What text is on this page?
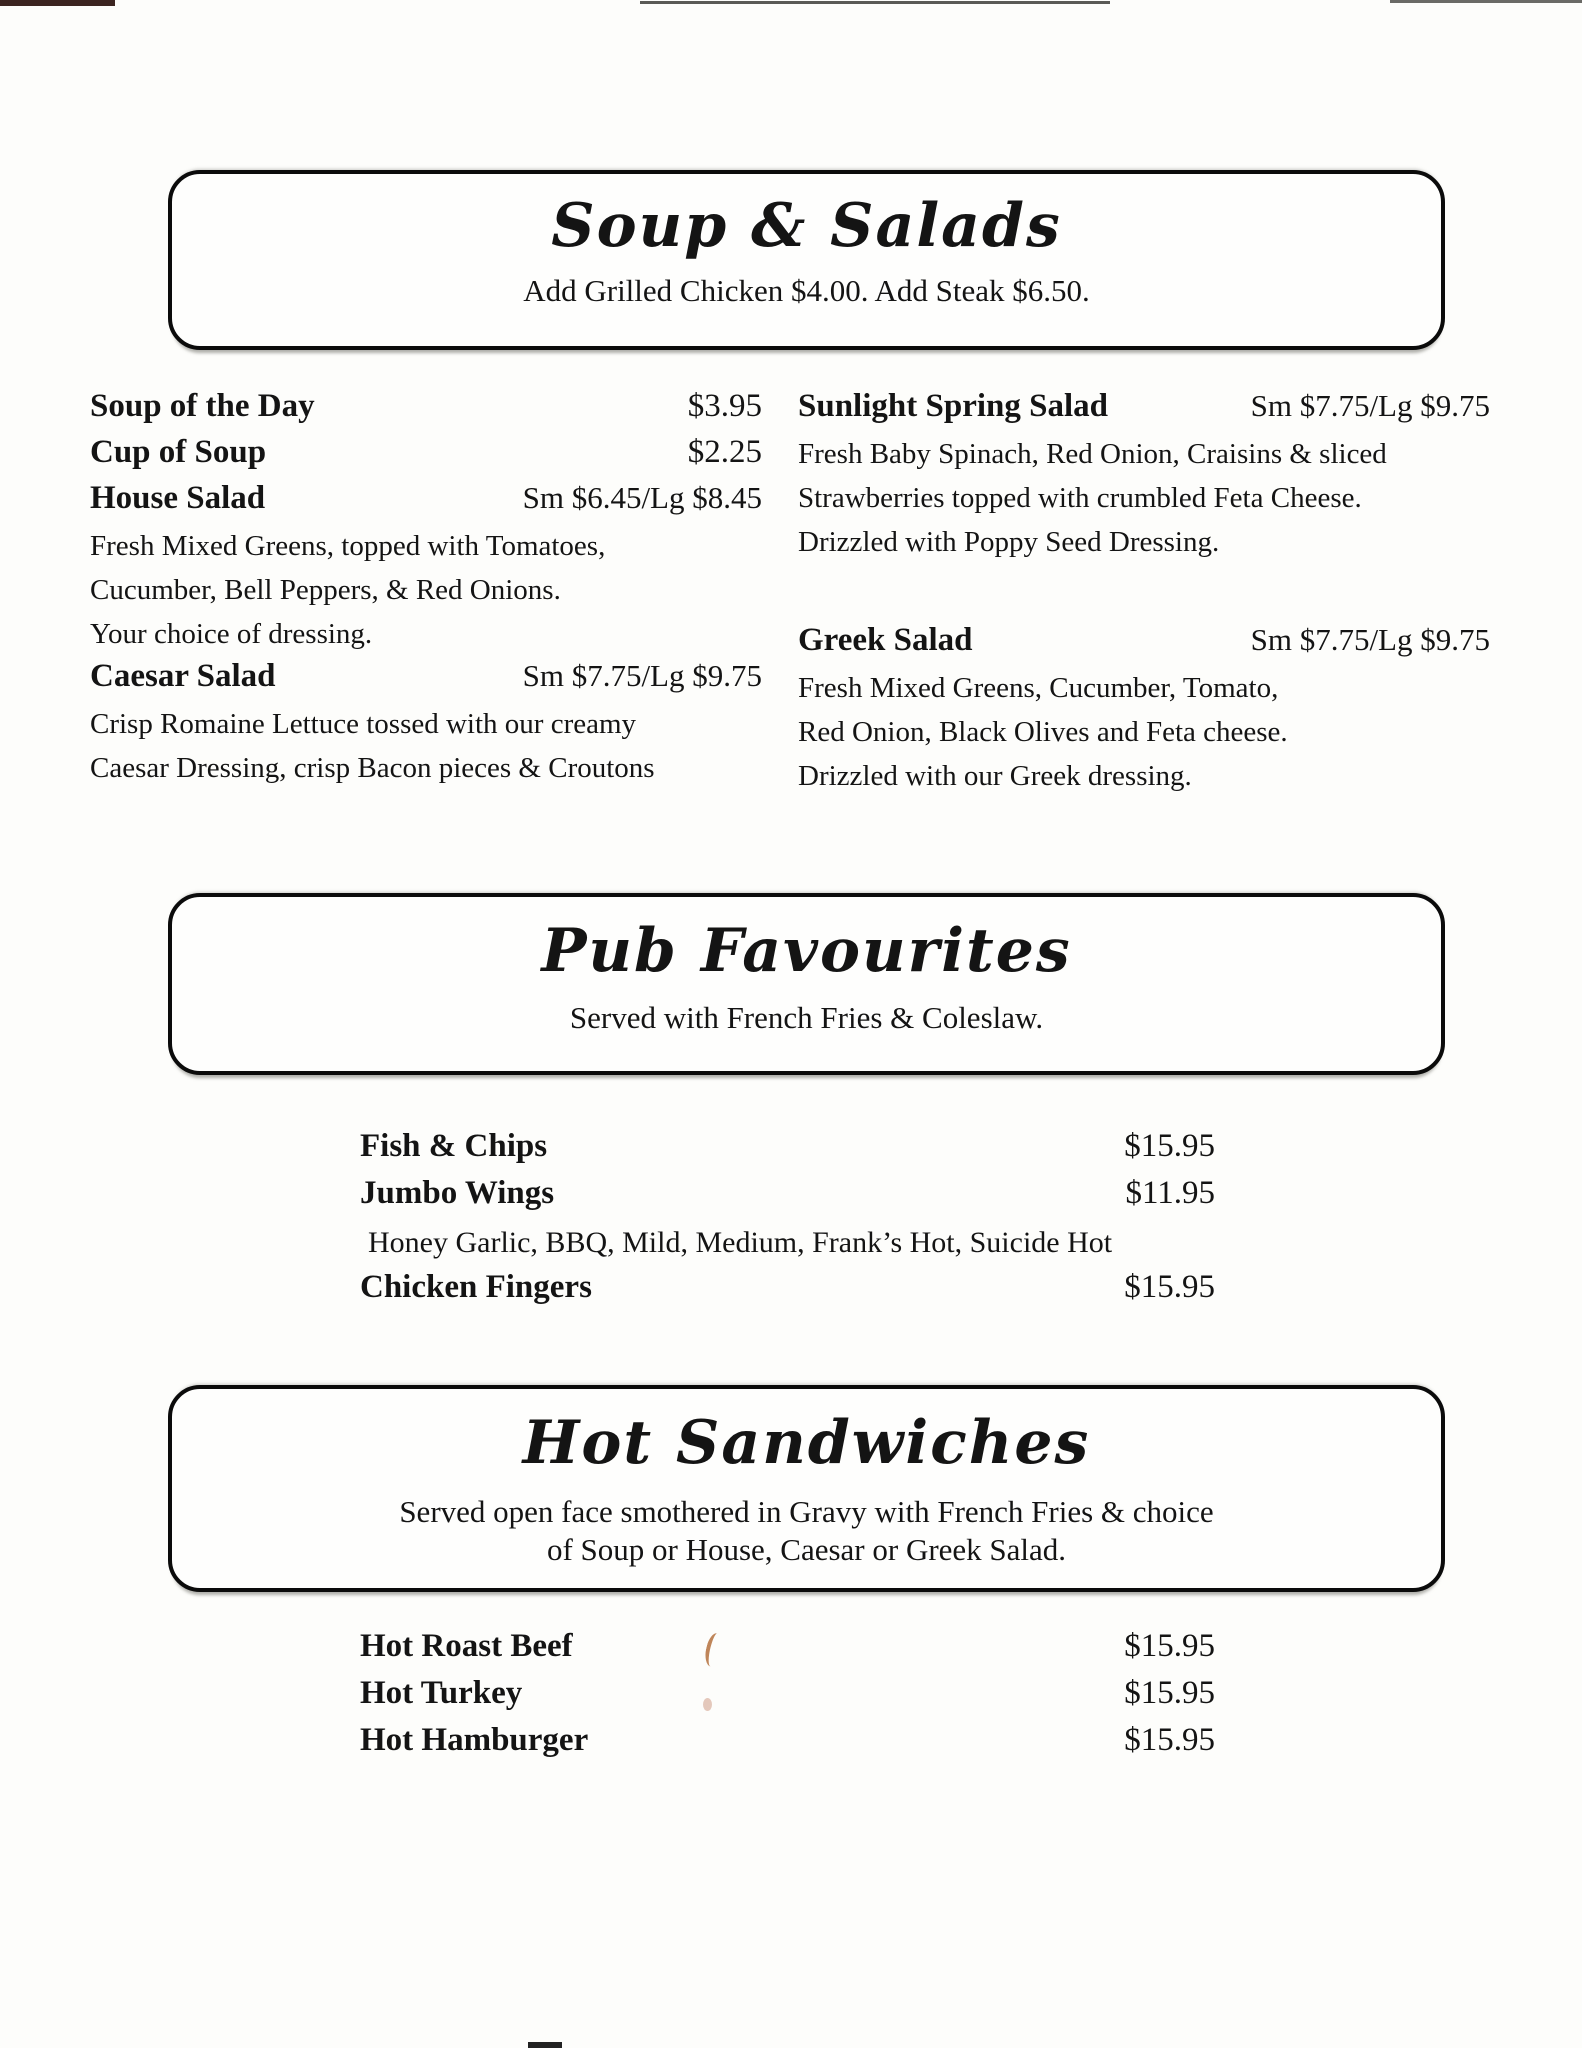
Soup & Salads
Add Grilled Chicken $4.00. Add Steak $6.50.
Soup of the Day	$3.95
Cup of Soup	$2.25
House Salad	Sm $6.45/Lg $8.45
Fresh Mixed Greens, topped with Tomatoes,
Cucumber, Bell Peppers, & Red Onions.
Your choice of dressing.
Caesar Salad	Sm $7.75/Lg $9.75
Crisp Romaine Lettuce tossed with our creamy
Caesar Dressing, crisp Bacon pieces & Croutons
Sunlight Spring Salad	Sm $7.75/Lg $9.75
Fresh Baby Spinach, Red Onion, Craisins & sliced
Strawberries topped with crumbled Feta Cheese.
Drizzled with Poppy Seed Dressing.
Greek Salad	Sm $7.75/Lg $9.75
Fresh Mixed Greens, Cucumber, Tomato,
Red Onion, Black Olives and Feta cheese.
Drizzled with our Greek dressing.
Pub Favourites
Served with French Fries & Coleslaw.
Fish & Chips	$15.95
Jumbo Wings	$11.95
Honey Garlic, BBQ, Mild, Medium, Frank’s Hot, Suicide Hot
Chicken Fingers	$15.95
Hot Sandwiches
Served open face smothered in Gravy with French Fries & choice
of Soup or House, Caesar or Greek Salad.
Hot Roast Beef	$15.95
Hot Turkey	$15.95
Hot Hamburger	$15.95
